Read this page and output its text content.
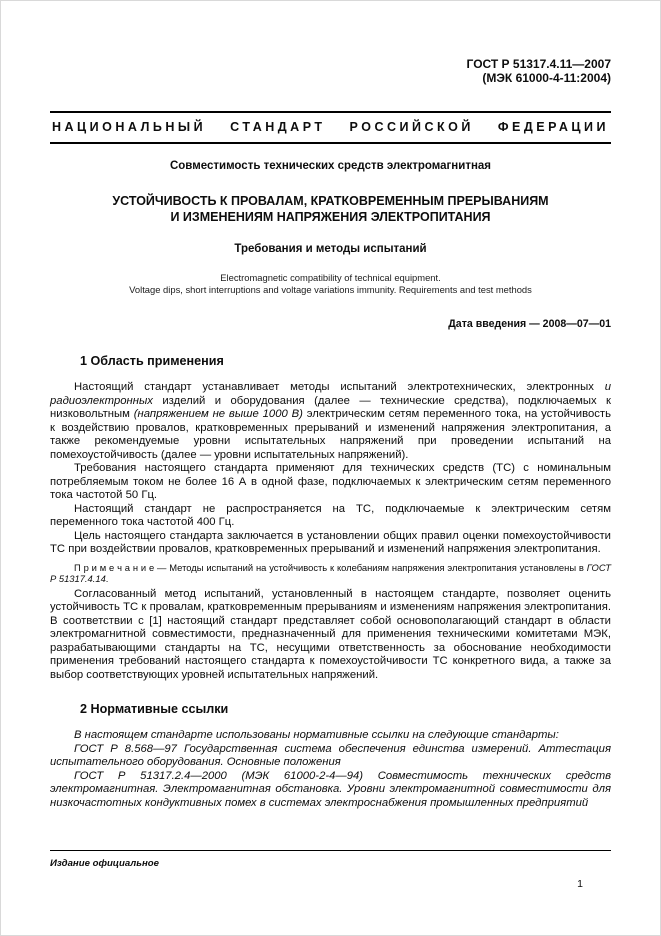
ГОСТ Р 51317.4.11—2007
(МЭК 61000-4-11:2004)
НАЦИОНАЛЬНЫЙ СТАНДАРТ РОССИЙСКОЙ ФЕДЕРАЦИИ
Совместимость технических средств электромагнитная
УСТОЙЧИВОСТЬ К ПРОВАЛАМ, КРАТКОВРЕМЕННЫМ ПРЕРЫВАНИЯМ
И ИЗМЕНЕНИЯМ НАПРЯЖЕНИЯ ЭЛЕКТРОПИТАНИЯ
Требования и методы испытаний
Electromagnetic compatibility of technical equipment.
Voltage dips, short interruptions and voltage variations immunity. Requirements and test methods
Дата введения — 2008—07—01
1 Область применения

Настоящий стандарт устанавливает методы испытаний электротехнических, электронных и радиоэлектронных изделий и оборудования (далее — технические средства), подключаемых к низковольтным (напряжением не выше 1000 В) электрическим сетям переменного тока, на устойчивость к воздействию провалов, кратковременных прерываний и изменений напряжения электропитания, а также рекомендуемые уровни испытательных напряжений при проведении испытаний на помехоустойчивость (далее — уровни испытательных напряжений).

Требования настоящего стандарта применяют для технических средств (ТС) с номинальным потребляемым током не более 16 А в одной фазе, подключаемых к электрическим сетям переменного тока частотой 50 Гц.

Настоящий стандарт не распространяется на ТС, подключаемые к электрическим сетям переменного тока частотой 400 Гц.

Цель настоящего стандарта заключается в установлении общих правил оценки помехоустойчивости ТС при воздействии провалов, кратковременных прерываний и изменений напряжения электропитания.

П р и м е ч а н и е — Методы испытаний на устойчивость к колебаниям напряжения электропитания установлены в ГОСТ Р 51317.4.14.

Согласованный метод испытаний, установленный в настоящем стандарте, позволяет оценить устойчивость ТС к провалам, кратковременным прерываниям и изменениям напряжения электропитания. В соответствии с [1] настоящий стандарт представляет собой основополагающий стандарт в области электромагнитной совместимости, предназначенный для применения техническими комитетами МЭК, разрабатывающими стандарты на ТС, несущими ответственность за обоснование необходимости применения требований настоящего стандарта к помехоустойчивости ТС конкретного вида, а также за выбор соответствующих уровней испытательных напряжений.

2 Нормативные ссылки

В настоящем стандарте использованы нормативные ссылки на следующие стандарты:

ГОСТ Р 8.568—97 Государственная система обеспечения единства измерений. Аттестация испытательного оборудования. Основные положения

ГОСТ Р 51317.2.4—2000 (МЭК 61000-2-4—94) Совместимость технических средств электромагнитная. Электромагнитная обстановка. Уровни электромагнитной совместимости для низкочастотных кондуктивных помех в системах электроснабжения промышленных предприятий

Издание официальное
1
